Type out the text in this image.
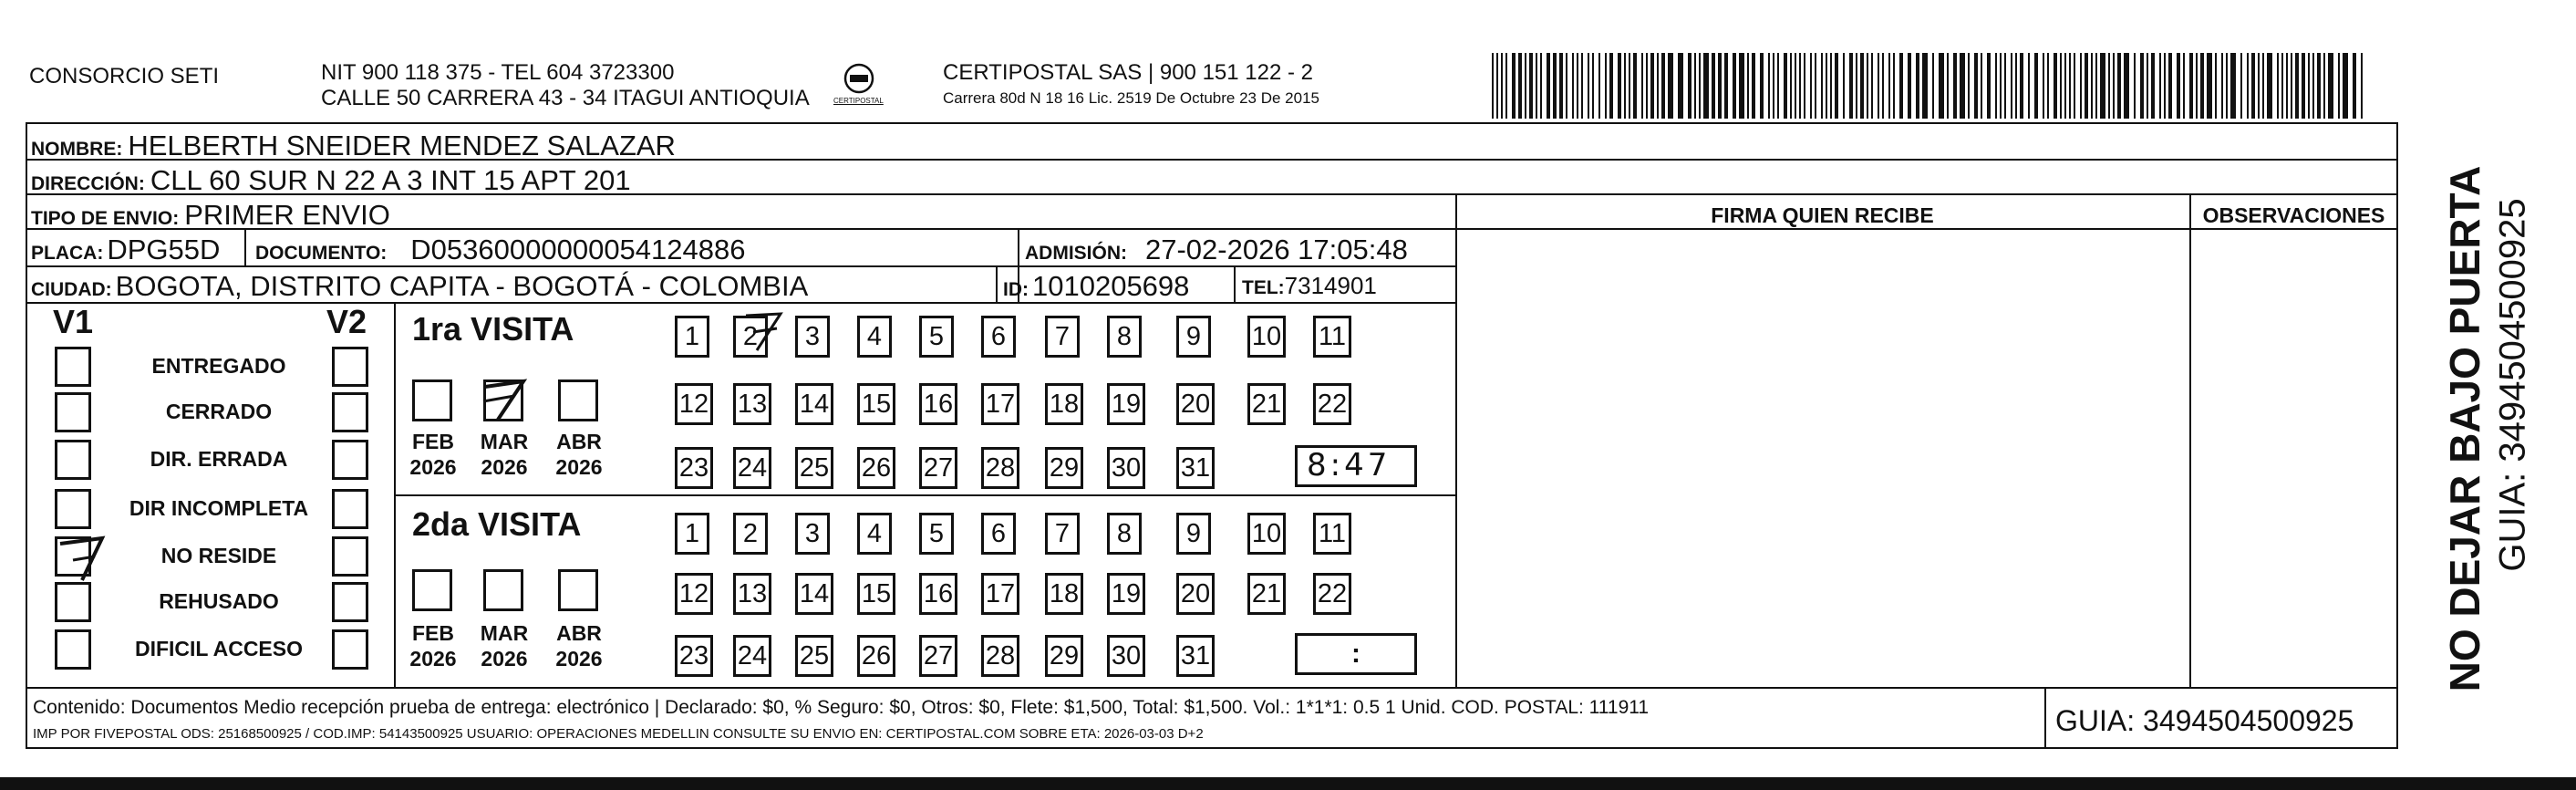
CONSORCIO SETI	NIT 900 118 375 - TEL 604 3723300
CALLE 50 CARRERA 43 - 34 ITAGUI ANTIOQUIA	CERTIPOSTAL
CERTIPOSTAL SAS | 900 151 122 - 2
Carrera 80d N 18 16 Lic. 2519 De Octubre 23 De 2015
NOMBRE: HELBERTH SNEIDER MENDEZ SALAZAR
DIRECCIÓN: CLL 60 SUR N 22 A 3 INT 15 APT 201
TIPO DE ENVIO: PRIMER ENVIO
PLACA: DPG55D DOCUMENTO: D05360000000054124886	ADMISIÓN: 27-02-2026 17:05:48
CIUDAD: BOGOTA, DISTRITO CAPITA - BOGOTÁ - COLOMBIA	ID: 1010205698	TEL:7314901
FIRMA QUIEN RECIBE	OBSERVACIONES
V1	V2
ENTREGADO
CERRADO
DIR. ERRADA
DIR INCOMPLETA
NO RESIDE
REHUSADO
DIFICIL ACCESO
1ra VISITA
2da VISITA
FEB
2026
MAR
2026
ABR
2026
FEB
2026
MAR
2026
ABR
2026
1	2	3	4	5	6	7	8	9	10 11
12 13 14 15 16 17 18 19 20 21 22
23 24 25 26 27 28 29 30 31
1	2	3	4	5	6	7	8	9	10 11
12 13 14 15 16 17 18 19 20 21 22
23 24 25 26 27 28 29 30 31
8:47
:
Contenido: Documentos Medio recepción prueba de entrega: electrónico | Declarado: $0, % Seguro: $0, Otros: $0, Flete: $1,500, Total: $1,500. Vol.: 1*1*1: 0.5 1 Unid. COD. POSTAL: 111911
IMP POR FIVEPOSTAL ODS: 25168500925 / COD.IMP: 54143500925 USUARIO: OPERACIONES MEDELLIN CONSULTE SU ENVIO EN: CERTIPOSTAL.COM SOBRE ETA: 2026-03-03 D+2	GUIA: 3494504500925
NO DEJAR BAJO PUERTA GUIA: 3494504500925
